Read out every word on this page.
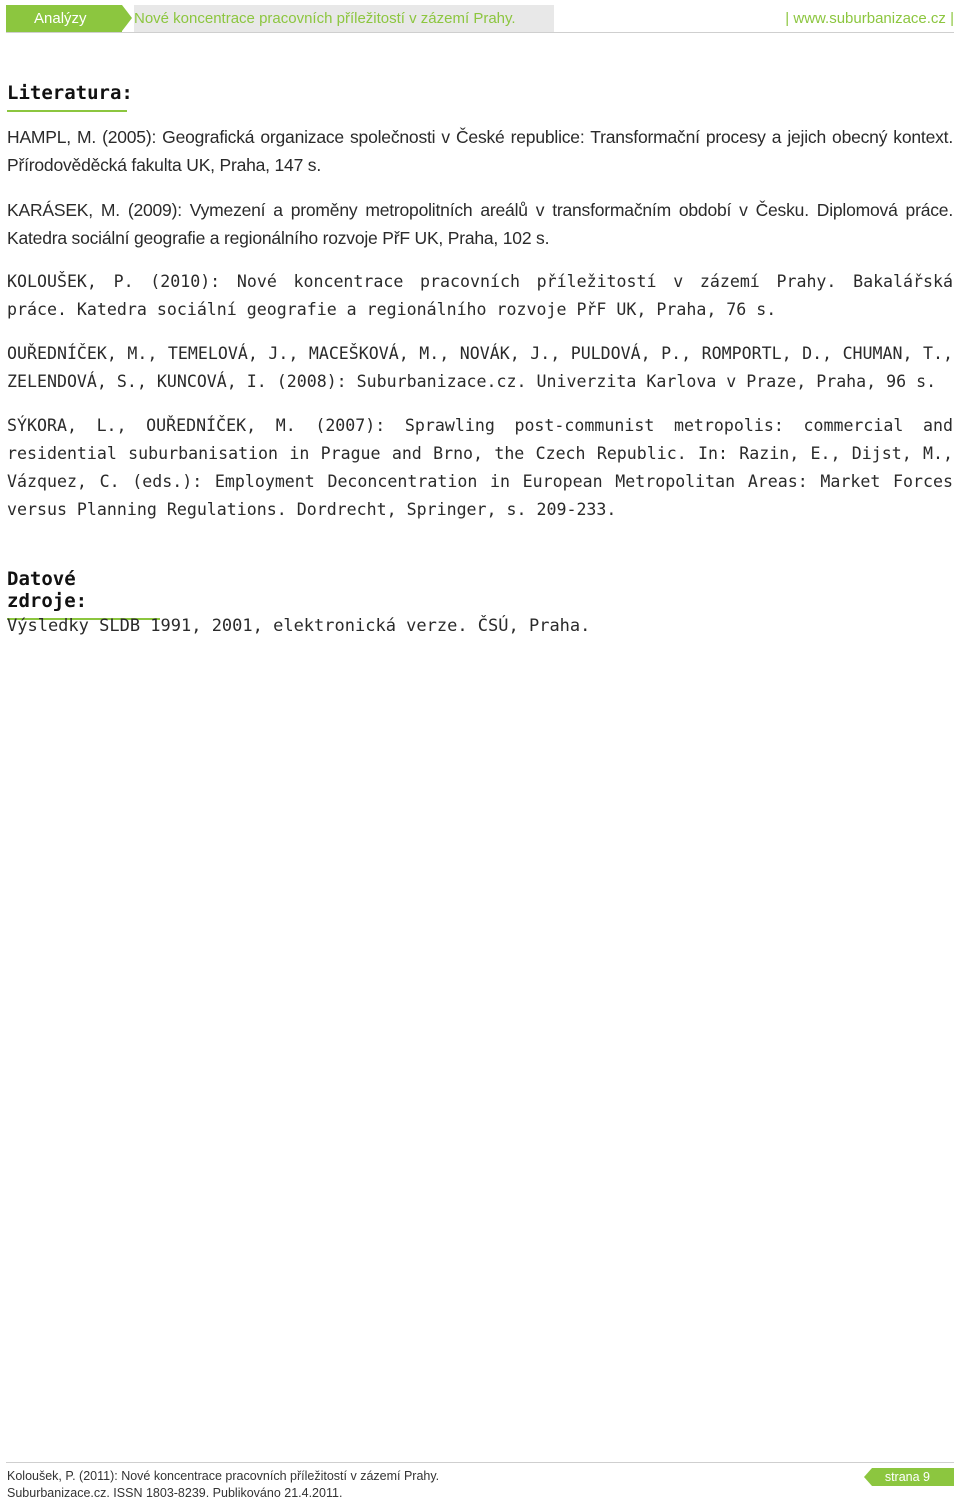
Analýzy	Nové koncentrace pracovních příležitostí v zázemí Prahy.	| www.suburbanizace.cz |
Literatura:

HAMPL, M. (2005): Geografická organizace společnosti v České republice: Transformační procesy a jejich obecný kontext. Přírodověděcká fakulta UK, Praha, 147 s.

KARÁSEK, M. (2009): Vymezení a proměny metropolitních areálů v transformačním období v Česku. Diplomová práce. Katedra sociální geografie a regionálního rozvoje PřF UK, Praha, 102 s.

KOLOUŠEK, P. (2010): Nové koncentrace pracovních příležitostí v zázemí Prahy. Bakalářská práce. Katedra sociální geografie a regionálního rozvoje PřF UK, Praha, 76 s.

OUŘEDNÍČEK, M., TEMELOVÁ, J., MACEŠKOVÁ, M., NOVÁK, J., PULDOVÁ, P., ROMPORTL, D., CHUMAN, T., ZELENDOVÁ, S., KUNCOVÁ, I. (2008): Suburbanizace.cz. Univerzita Karlova v Praze, Praha, 96 s.

SÝKORA, L., OUŘEDNÍČEK, M. (2007): Sprawling post-communist metropolis: commercial and residential suburbanisation in Prague and Brno, the Czech Republic. In: Razin, E., Dijst, M., Vázquez, C. (eds.): Employment Deconcentration in European Metropolitan Areas: Market Forces versus Planning Regulations. Dordrecht, Springer, s. 209-233.

Datové zdroje:
Výsledky SLDB 1991, 2001, elektronická verze. ČSÚ, Praha.
Koloušek, P. (2011): Nové koncentrace pracovních příležitostí v zázemí Prahy.
Suburbanizace.cz. ISSN 1803-8239. Publikováno 21.4.2011.
strana 9
